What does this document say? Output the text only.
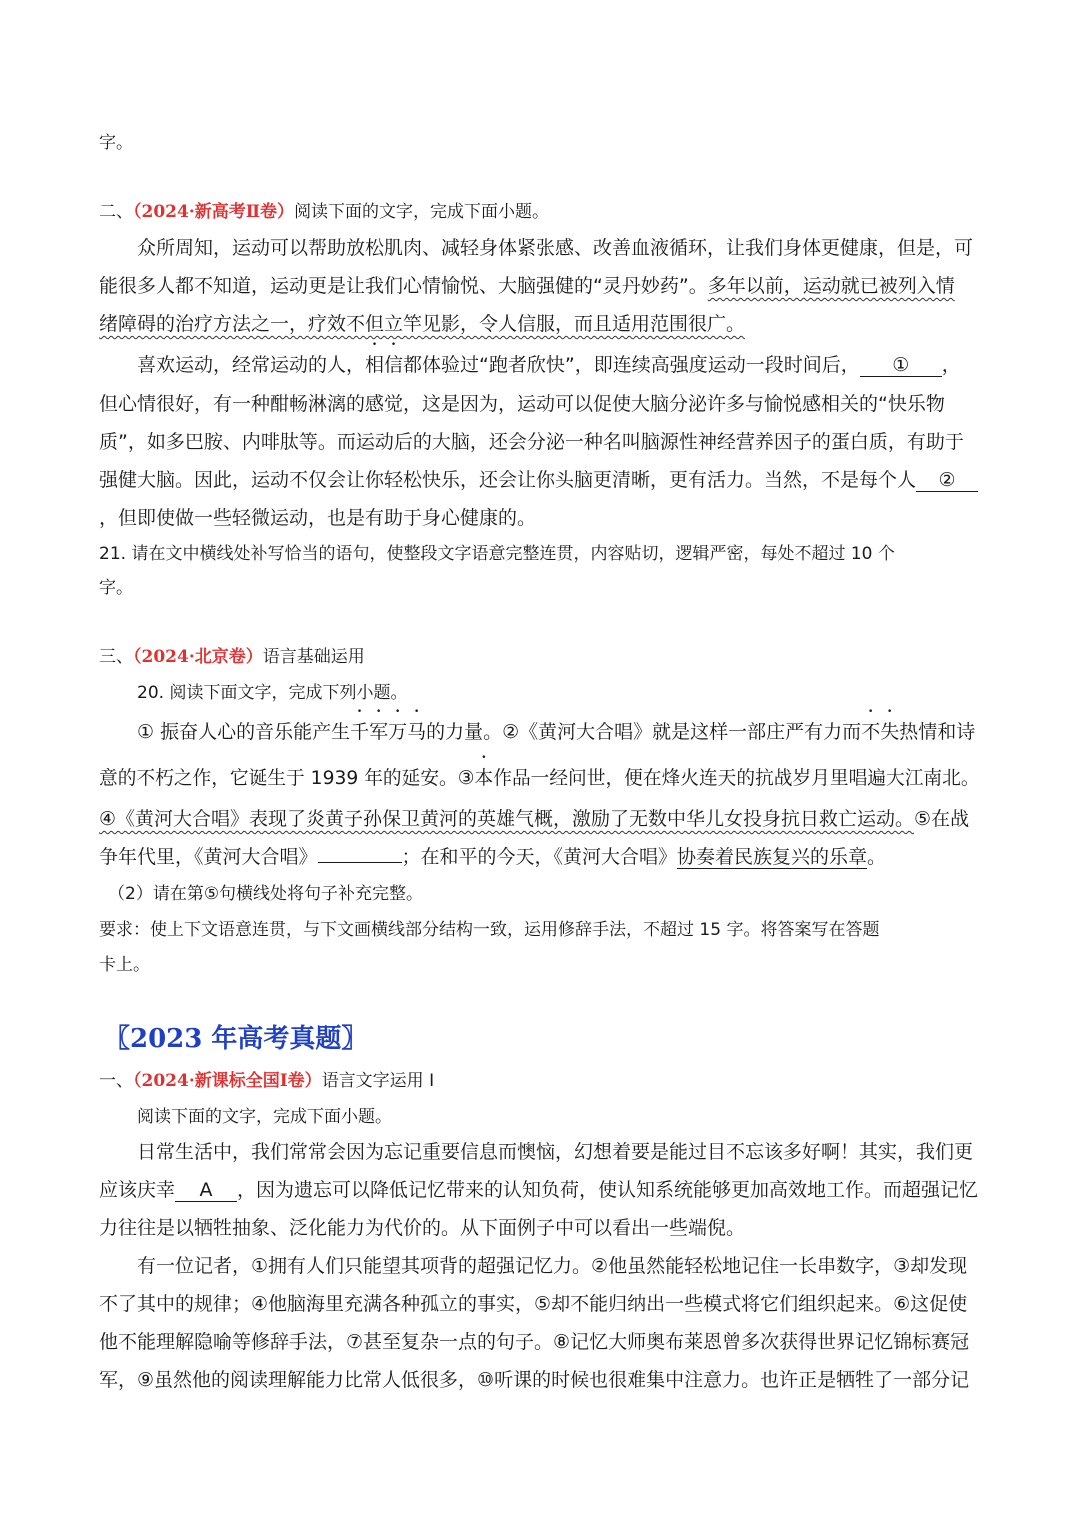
字。
二、（2024·新高考Ⅱ卷）阅读下面的文字，完成下面小题。
众所周知，运动可以帮助放松肌肉、减轻身体紧张感、改善血液循环，让我们身体更健康，但是，可
能很多人都不知道，运动更是让我们心情愉悦、大脑强健的“灵丹妙药”。多年以前，运动就已被列入情
绪障碍的治疗方法之一，疗效不但立竿见影，令人信服，而且适用范围很广。
喜欢运动，经常运动的人，相信都体验过“跑者欣快”，即连续高强度运动一段时间后， ① ，
但心情很好，有一种酣畅淋漓的感觉，这是因为，运动可以促使大脑分泌许多与愉悦感相关的“快乐物
质”，如多巴胺、内啡肽等。而运动后的大脑，还会分泌一种名叫脑源性神经营养因子的蛋白质，有助于
强健大脑。因此，运动不仅会让你轻松快乐，还会让你头脑更清晰，更有活力。当然，不是每个人 ②
，但即使做一些轻微运动，也是有助于身心健康的。
21. 请在文中横线处补写恰当的语句，使整段文字语意完整连贯，内容贴切，逻辑严密，每处不超过 10 个
字。
三、（2024·北京卷）语言基础运用
20. 阅读下面文字，完成下列小题。
① 振奋人心的音乐能产生千军万马的力量。②《黄河大合唱》就是这样一部庄严有力而不失热情和诗
意的不朽之作，它诞生于 1939 年的延安。③本作品一经问世，便在烽火连天的抗战岁月里唱遍大江南北。
④《黄河大合唱》表现了炎黄子孙保卫黄河的英雄气概，激励了无数中华儿女投身抗日救亡运动。⑤在战
争年代里，《黄河大合唱》	；在和平的今天，《黄河大合唱》协奏着民族复兴的乐章。
（2）请在第⑤句横线处将句子补充完整。
要求：使上下文语意连贯，与下文画横线部分结构一致，运用修辞手法，不超过 15 字。将答案写在答题
卡上。
〖2023 年高考真题〗
一、（2024·新课标全国Ⅰ卷）语言文字运用 I
阅读下面的文字，完成下面小题。
日常生活中，我们常常会因为忘记重要信息而懊恼，幻想着要是能过目不忘该多好啊！其实，我们更
应该庆幸 A ，因为遗忘可以降低记忆带来的认知负荷，使认知系统能够更加高效地工作。而超强记忆
力往往是以牺牲抽象、泛化能力为代价的。从下面例子中可以看出一些端倪。
有一位记者，①拥有人们只能望其项背的超强记忆力。②他虽然能轻松地记住一长串数字，③却发现
不了其中的规律；④他脑海里充满各种孤立的事实，⑤却不能归纳出一些模式将它们组织起来。⑥这促使
他不能理解隐喻等修辞手法，⑦甚至复杂一点的句子。⑧记忆大师奥布莱恩曾多次获得世界记忆锦标赛冠
军，⑨虽然他的阅读理解能力比常人低很多，⑩听课的时候也很难集中注意力。也许正是牺牲了一部分记
